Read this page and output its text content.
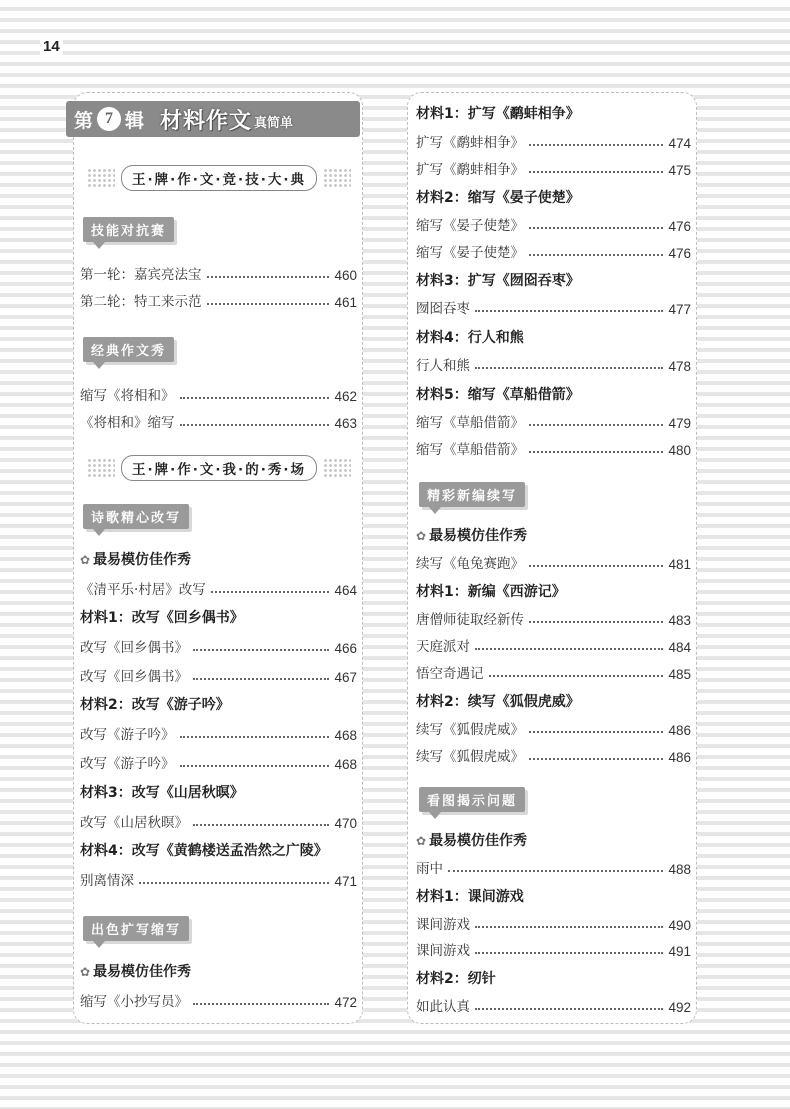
14
第 7 辑 材料作文 真简单
王·牌·作·文·竞·技·大·典
技能对抗赛
第一轮：嘉宾亮法宝	460
第二轮：特工来示范	461
经典作文秀
缩写《将相和》	462
《将相和》缩写	463
王·牌·作·文·我·的·秀·场
诗歌精心改写
✿ 最易模仿佳作秀
《清平乐·村居》改写	464
材料1：改写《回乡偶书》
改写《回乡偶书》	466
改写《回乡偶书》	467
材料2：改写《游子吟》
改写《游子吟》	468
改写《游子吟》	468
材料3：改写《山居秋暝》
改写《山居秋暝》	470
材料4：改写《黄鹤楼送孟浩然之广陵》
别离情深	471
出色扩写缩写
✿ 最易模仿佳作秀
缩写《小抄写员》	472
材料1：扩写《鹬蚌相争》
扩写《鹬蚌相争》	474
扩写《鹬蚌相争》	475
材料2：缩写《晏子使楚》
缩写《晏子使楚》	476
缩写《晏子使楚》	476
材料3：扩写《囫囵吞枣》
囫囵吞枣	477
材料4：行人和熊
行人和熊	478
材料5：缩写《草船借箭》
缩写《草船借箭》	479
缩写《草船借箭》	480
精彩新编续写
✿ 最易模仿佳作秀
续写《龟兔赛跑》	481
材料1：新编《西游记》
唐僧师徒取经新传	483
天庭派对	484
悟空奇遇记	485
材料2：续写《狐假虎威》
续写《狐假虎威》	486
续写《狐假虎威》	486
看图揭示问题
✿ 最易模仿佳作秀
雨中	488
材料1：课间游戏
课间游戏	490
课间游戏	491
材料2：纫针
如此认真	492
